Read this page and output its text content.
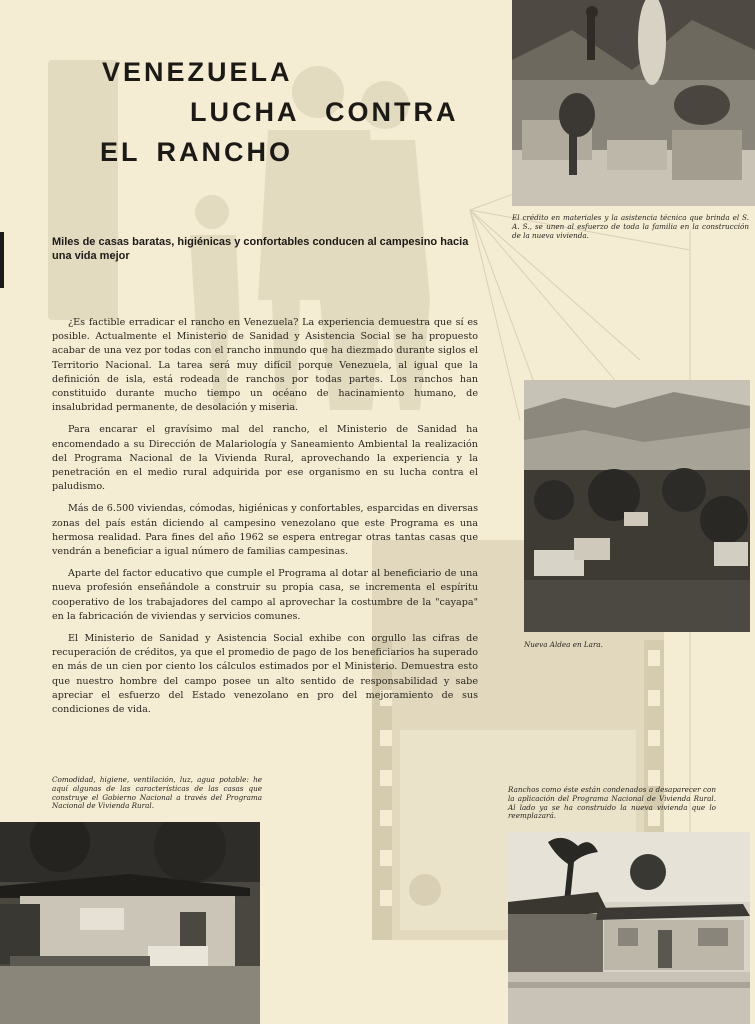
VENEZUELA
LUCHA CONTRA
EL RANCHO
Miles de casas baratas, higiénicas y confortables conducen al campesino hacia una vida mejor

¿Es factible erradicar el rancho en Venezuela? La experiencia demuestra que sí es posible. Actualmente el Ministerio de Sanidad y Asistencia Social se ha propuesto acabar de una vez por todas con el rancho inmundo que ha diezmado durante siglos el Territorio Nacional. La tarea será muy difícil porque Venezuela, al igual que la definición de isla, está rodeada de ranchos por todas partes. Los ranchos han constituido durante mucho tiempo un océano de hacinamiento humano, de insalubridad permanente, de desolación y miseria.

Para encarar el gravísimo mal del rancho, el Ministerio de Sanidad ha encomendado a su Dirección de Malariología y Saneamiento Ambiental la realización del Programa Nacional de la Vivienda Rural, aprovechando la experiencia y la penetración en el medio rural adquirida por ese organismo en su lucha contra el paludismo.

Más de 6.500 viviendas, cómodas, higiénicas y confortables, esparcidas en diversas zonas del país están diciendo al campesino venezolano que este Programa es una hermosa realidad. Para fines del año 1962 se espera entregar otras tantas casas que vendrán a beneficiar a igual número de familias campesinas.

Aparte del factor educativo que cumple el Programa al dotar al beneficiario de una nueva profesión enseñándole a construir su propia casa, se incrementa el espíritu cooperativo de los trabajadores del campo al aprovechar la costumbre de la "cayapa" en la fabricación de viviendas y servicios comunes.

El Ministerio de Sanidad y Asistencia Social exhibe con orgullo las cifras de recuperación de créditos, ya que el promedio de pago de los beneficiarios ha superado en más de un cien por ciento los cálculos estimados por el Ministerio. Demuestra esto que nuestro hombre del campo posee un alto sentido de responsabilidad y sabe apreciar el esfuerzo del Estado venezolano en pro del mejoramiento de sus condiciones de vida.

El crédito en materiales y la asistencia técnica que brinda el S. A. S., se unen al esfuerzo de toda la familia en la construcción de la nueva vivienda.
Nueva Aldea en Lara.
Comodidad, higiene, ventilación, luz, agua potable: he aquí algunas de las características de las casas que construye el Gobierno Nacional a través del Programa Nacional de Vivienda Rural.
Ranchos como éste están condenados a desaparecer con la aplicación del Programa Nacional de Vivienda Rural. Al lado ya se ha construido la nueva vivienda que lo reemplazará.
